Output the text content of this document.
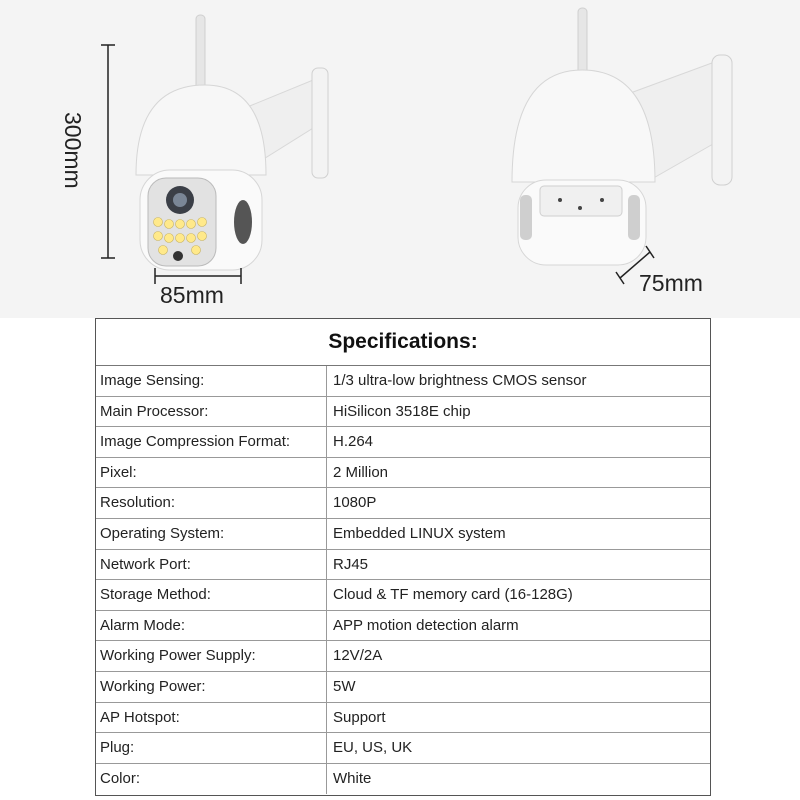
300mm
85mm	75mm
Specifications:
Image Sensing:	1/3 ultra-low brightness CMOS sensor
Main Processor:	HiSilicon 3518E chip
Image Compression Format:	H.264
Pixel:	2 Million
Resolution:	1080P
Operating System:	Embedded LINUX system
Network Port:	RJ45
Storage Method:	Cloud & TF memory card (16-128G)
Alarm Mode:	APP motion detection alarm
Working Power Supply:	12V/2A
Working Power:	5W
AP Hotspot:	Support
Plug:	EU, US, UK
Color:	White
